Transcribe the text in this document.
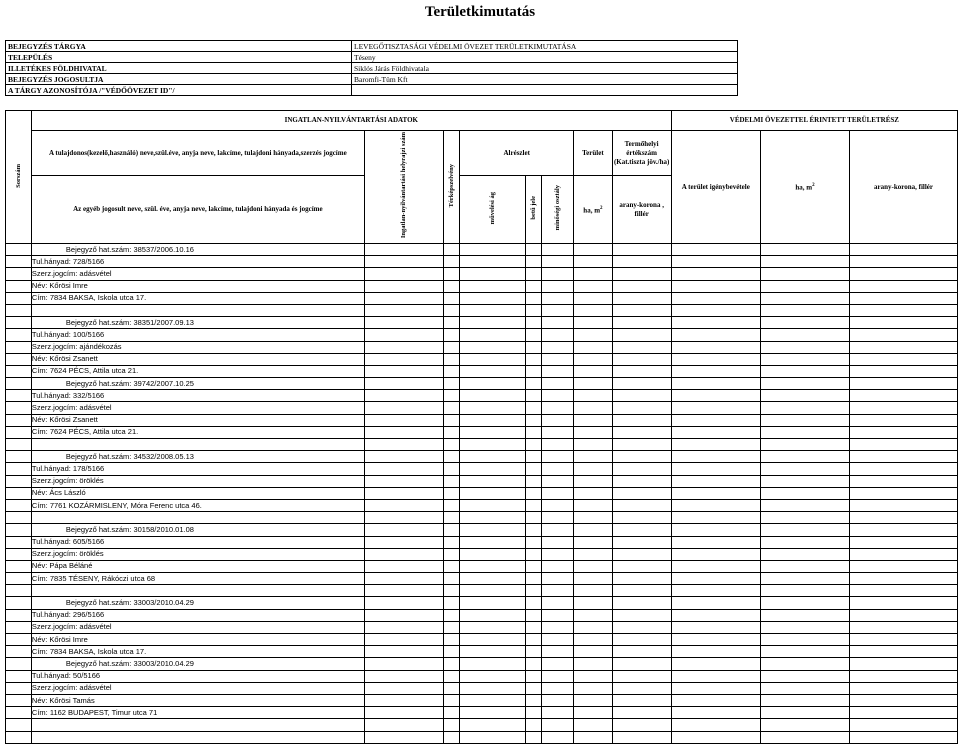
Területkimutatás
BEJEGYZÉS TÁRGYA	LEVEGŐTISZTASÁGI VÉDELMI ÖVEZET TERÜLETKIMUTATÁSA
TELEPÜLÉS	Téseny
ILLETÉKES FÖLDHIVATAL	Siklós Járás Földhivatala
BEJEGYZÉS JOGOSULTJA	Baromfi-Tüm Kft
A TÁRGY AZONOSÍTÓJA /"VÉDŐÖVEZET ID"/	
Sorszám	INGATLAN-NYILVÁNTARTÁSI ADATOK								VÉDELMI ÖVEZETTEL ÉRINTETT TERÜLETRÉSZ		
	A tulajdonos(kezelő,használó) neve,szül.éve, anyja neve, lakcíme, tulajdoni hányada,szerzés jogcíme	Ingatlan-nyilvántartási helyrajzi szám	Térképszelvény	Alrészlet			Terület	Termőhelyi értékszám (Kat.tiszta jöv./ha)	A terület igénybevétele	ha, $m^2$	arany-korona, fillér
	Az egyéb jogosult neve, szül. éve, anyja neve, lakcíme, tulajdoni hányada és jogcíme			művelési ág	betű jele	minőségi osztály	ha, $m^2$	arany-korona , fillér			

	Bejegyző hat.szám: 38537/2006.10.16										
	Tul.hányad: 728/5166										
	Szerz.jogcím: adásvétel										
	Név: Kőrösi Imre										
	Cím: 7834 BAKSA, Iskola utca 17.										

	Bejegyző hat.szám: 38351/2007.09.13										
	Tul.hányad: 100/5166										
	Szerz.jogcím: ajándékozás										
	Név: Kőrösi Zsanett										
	Cím: 7624 PÉCS, Attila utca 21.										
	Bejegyző hat.szám: 39742/2007.10.25										
	Tul.hányad: 332/5166										
	Szerz.jogcím: adásvétel										
	Név: Kőrösi Zsanett										
	Cím: 7624 PÉCS, Attila utca 21.										

	Bejegyző hat.szám: 34532/2008.05.13										
	Tul.hányad: 178/5166										
	Szerz.jogcím: öröklés										
	Név: Ács László										
	Cím: 7761 KOZÁRMISLENY, Móra Ferenc utca 46.										

	Bejegyző hat.szám: 30158/2010.01.08										
	Tul.hányad: 605/5166										
	Szerz.jogcím: öröklés										
	Név: Pápa Béláné										
	Cím: 7835 TÉSENY, Rákóczi utca 68										

	Bejegyző hat.szám: 33003/2010.04.29										
	Tul.hányad: 296/5166										
	Szerz.jogcím: adásvétel										
	Név: Kőrösi Imre										
	Cím: 7834 BAKSA, Iskola utca 17.										
	Bejegyző hat.szám: 33003/2010.04.29										
	Tul.hányad: 50/5166										
	Szerz.jogcím: adásvétel										
	Név: Kőrösi Tamás										
	Cím: 1162 BUDAPEST, Timur utca 71										
